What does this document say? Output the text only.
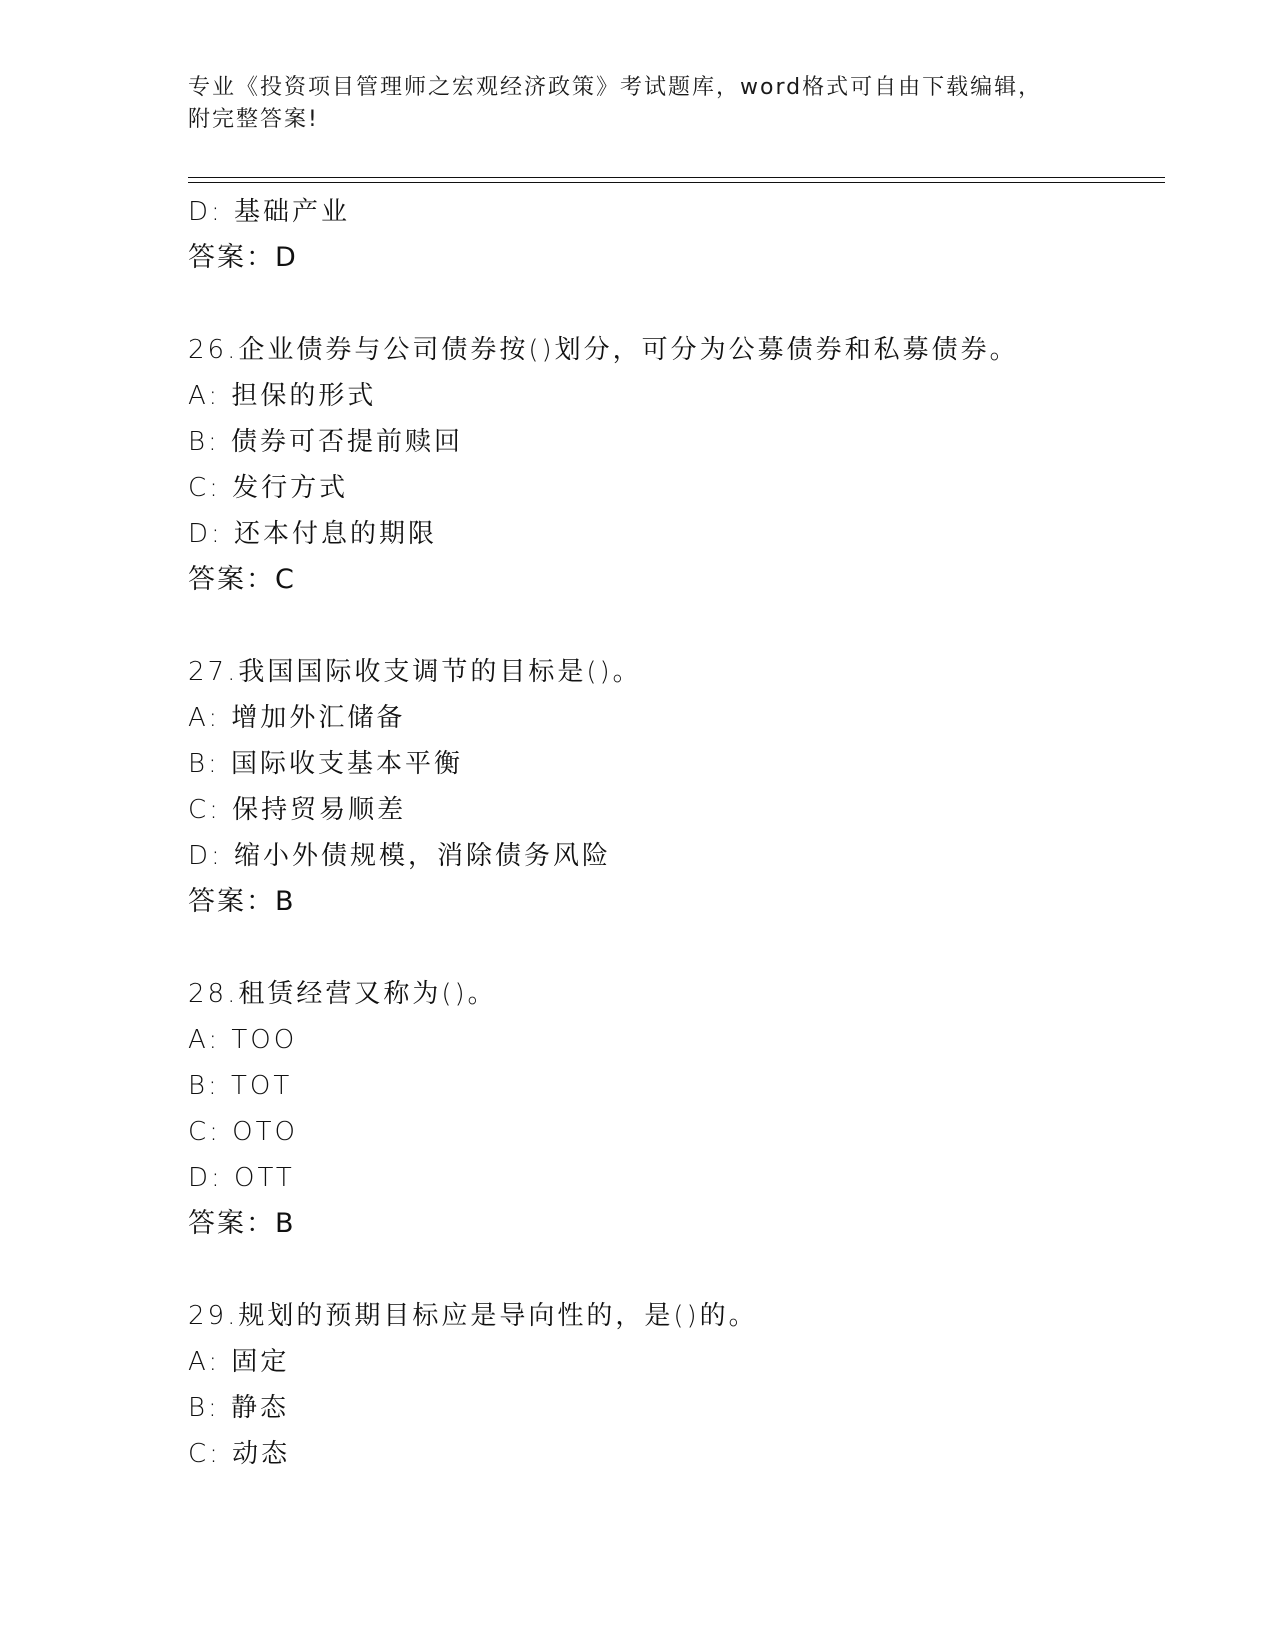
专业《投资项目管理师之宏观经济政策》考试题库，word格式可自由下载编辑，

附完整答案!

D: 基础产业
答案：D
26.企业债券与公司债券按()划分，可分为公募债券和私募债券。
A: 担保的形式
B: 债券可否提前赎回
C: 发行方式
D: 还本付息的期限
答案：C
27.我国国际收支调节的目标是()。
A: 增加外汇储备
B: 国际收支基本平衡
C: 保持贸易顺差
D: 缩小外债规模，消除债务风险
答案：B
28.租赁经营又称为()。
A: TOO
B: TOT
C: OTO
D: OTT
答案：B
29.规划的预期目标应是导向性的，是()的。
A: 固定
B: 静态
C: 动态
